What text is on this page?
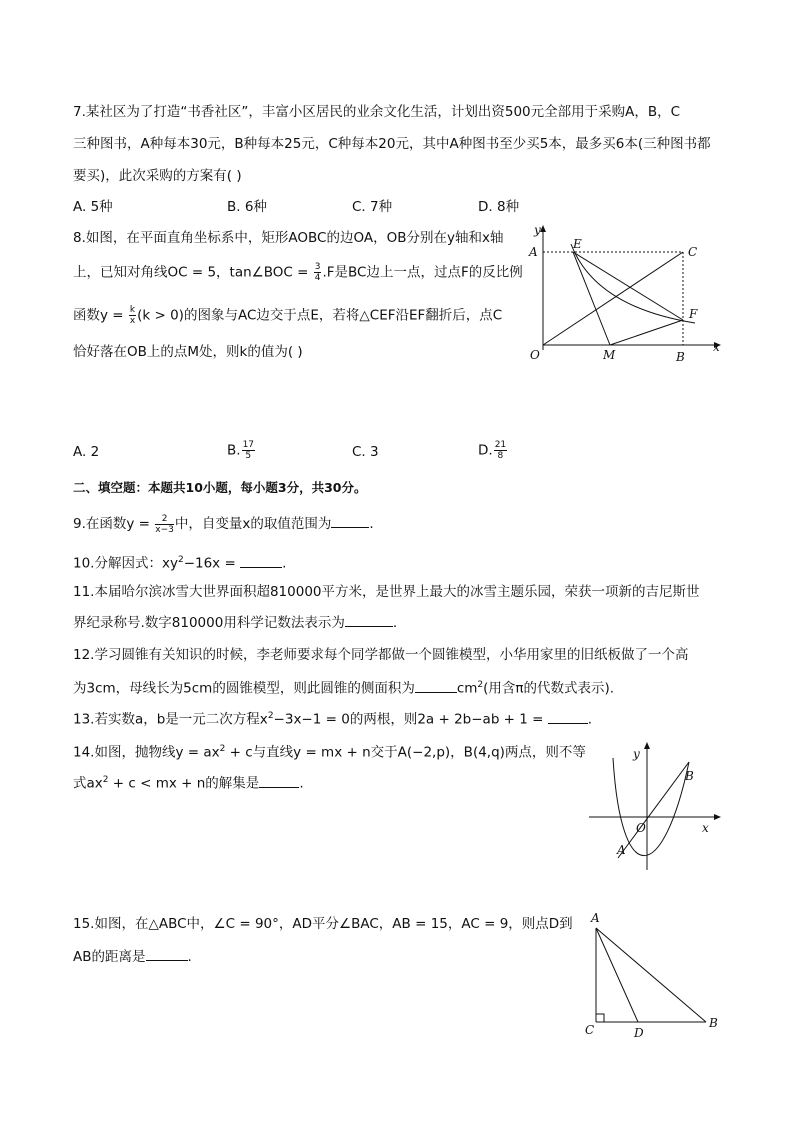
7.某社区为了打造“书香社区”，丰富小区居民的业余文化生活，计划出资500元全部用于采购A，B，C
三种图书，A种每本30元，B种每本25元，C种每本20元，其中A种图书至少买5本，最多买6本(三种图书都
要买)，此次采购的方案有( )
A. 5种	B. 6种	C. 7种	D. 8种
8.如图，在平面直角坐标系中，矩形AOBC的边OA，OB分别在y轴和x轴
上，已知对角线OC = 5，tan∠BOC = $\frac{3}{4} .F$是BC边上一点，过点F的反比例
函数$y = \frac{k}{x} (k > 0)$的图象与AC边交于点E，若将△CEF沿EF翻折后，点C
恰好落在OB上的点M处，则k的值为( )
y
A
E
C
F
O	M	B
x
A. 2	B. $\frac{17}{5}$	C. 3	D. $\frac{21}{8}$
二、填空题：本题共10小题，每小题3分，共30分。
9.在函数$y = \frac{2}{x-3}$ 中，自变量x的取值范围为	.
10.分解因式：$xy^2-16x$ =	.
11.本届哈尔滨冰雪大世界面积超810000平方米，是世界上最大的冰雪主题乐园，荣获一项新的吉尼斯世
界纪录称号.数字810000用科学记数法表示为	.
12.学习圆锥有关知识的时候，李老师要求每个同学都做一个圆锥模型，小华用家里的旧纸板做了一个高
为3cm，母线长为5cm的圆锥模型，则此圆锥的侧面积为	$cm^2$(用含π的代数式表示).
13.若实数a，b是一元二次方程$x^2-3x-1 = 0$的两根，则2a + 2b−ab + 1 =	.
14.如图，抛物线$y = ax^2 + c$与直线y = mx + n交于A(−2,p)，B(4,q)两点，则不等
式$ax^2 + c$ < mx + n的解集是	.
y
B
O	x
A
15.如图，在△ABC中，∠C = 90°，AD平分∠BAC，AB = 15，AC = 9，则点D到
AB的距离是	.
A
C	D
B
